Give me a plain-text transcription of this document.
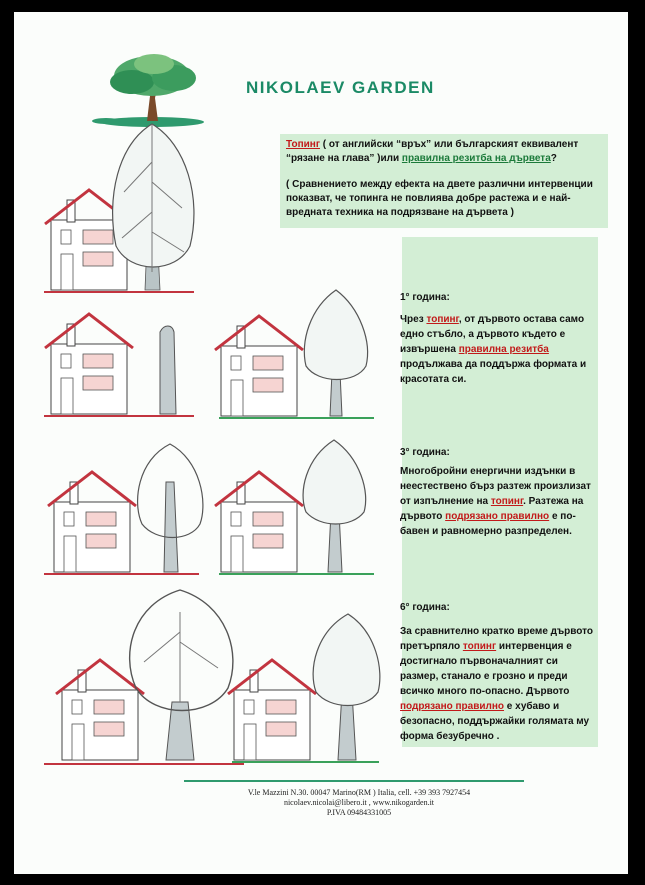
NIKOLAEV GARDEN
Топинг ( от английски “връх” или българският еквивалент “рязане на глава” )или правилна резитба на дървета?
( Сравнението между ефекта на двете различни интервенции показват, че топинга не повлиява добре растежа и е най-вредната техника на подрязване на дървета )
1° година:
Чрез топинг, от дървото остава само едно стъбло, а дървото където е извършена правилна резитба продължава да поддържа формата и красотата си.
3° година:
Многобройни енергични издънки в неестествено бърз разтеж произлизат от изпълнение на топинг. Разтежа на дървото подрязано правилно е по-бавен и равномерно разпределен.
6° година:
За сравнително кратко време дървото претърпяло топинг интервенция е достигнало първоначалният си размер, станало е грозно и преди всичко много по-опасно. Дървото подрязано правилно е хубаво и безопасно, поддържайки голямата му форма безубречно .
V.le Mazzini N.30. 00047 Marino(RM ) Italia, cell. +39 393 7927454
nicolaev.nicolai@libero.it , www.nikogarden.it
P.IVA 09484331005
